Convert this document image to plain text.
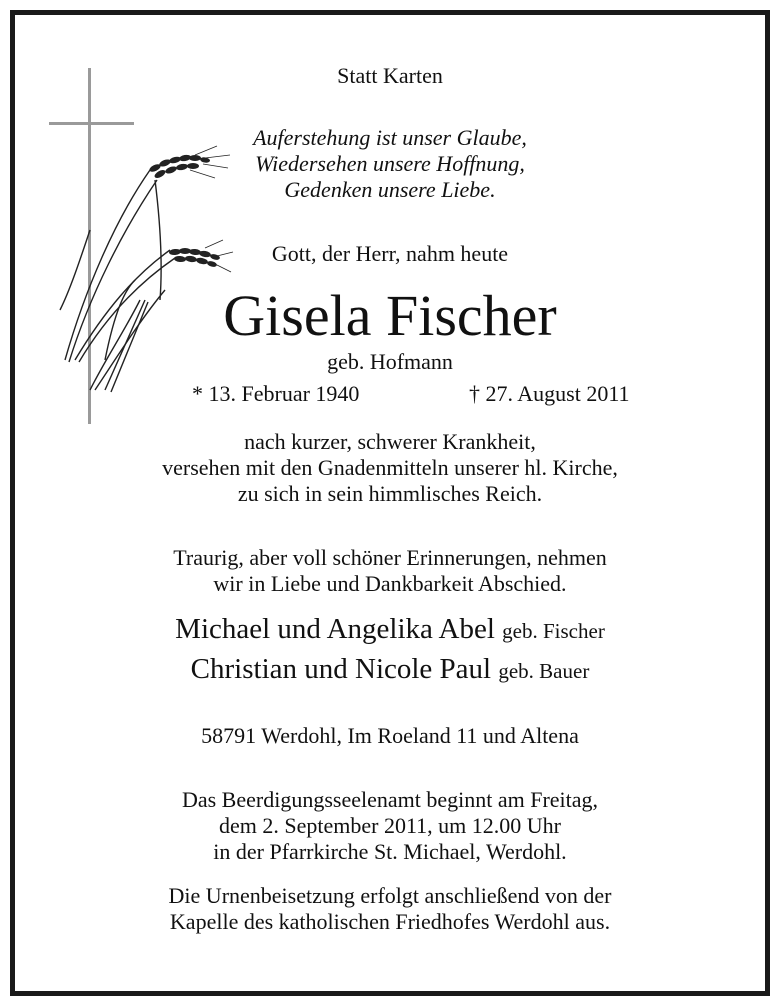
Statt Karten
Auferstehung ist unser Glaube,
Wiedersehen unsere Hoffnung,
Gedenken unsere Liebe.
Gott, der Herr, nahm heute
Gisela Fischer
geb. Hofmann
* 13. Februar 1940	† 27. August 2011
nach kurzer, schwerer Krankheit,
versehen mit den Gnadenmitteln unserer hl. Kirche,
zu sich in sein himmlisches Reich.
Traurig, aber voll schöner Erinnerungen, nehmen
wir in Liebe und Dankbarkeit Abschied.
Michael und Angelika Abel geb. Fischer
Christian und Nicole Paul geb. Bauer
58791 Werdohl, Im Roeland 11 und Altena
Das Beerdigungsseelenamt beginnt am Freitag,
dem 2. September 2011, um 12.00 Uhr
in der Pfarrkirche St. Michael, Werdohl.
Die Urnenbeisetzung erfolgt anschließend von der
Kapelle des katholischen Friedhofes Werdohl aus.
